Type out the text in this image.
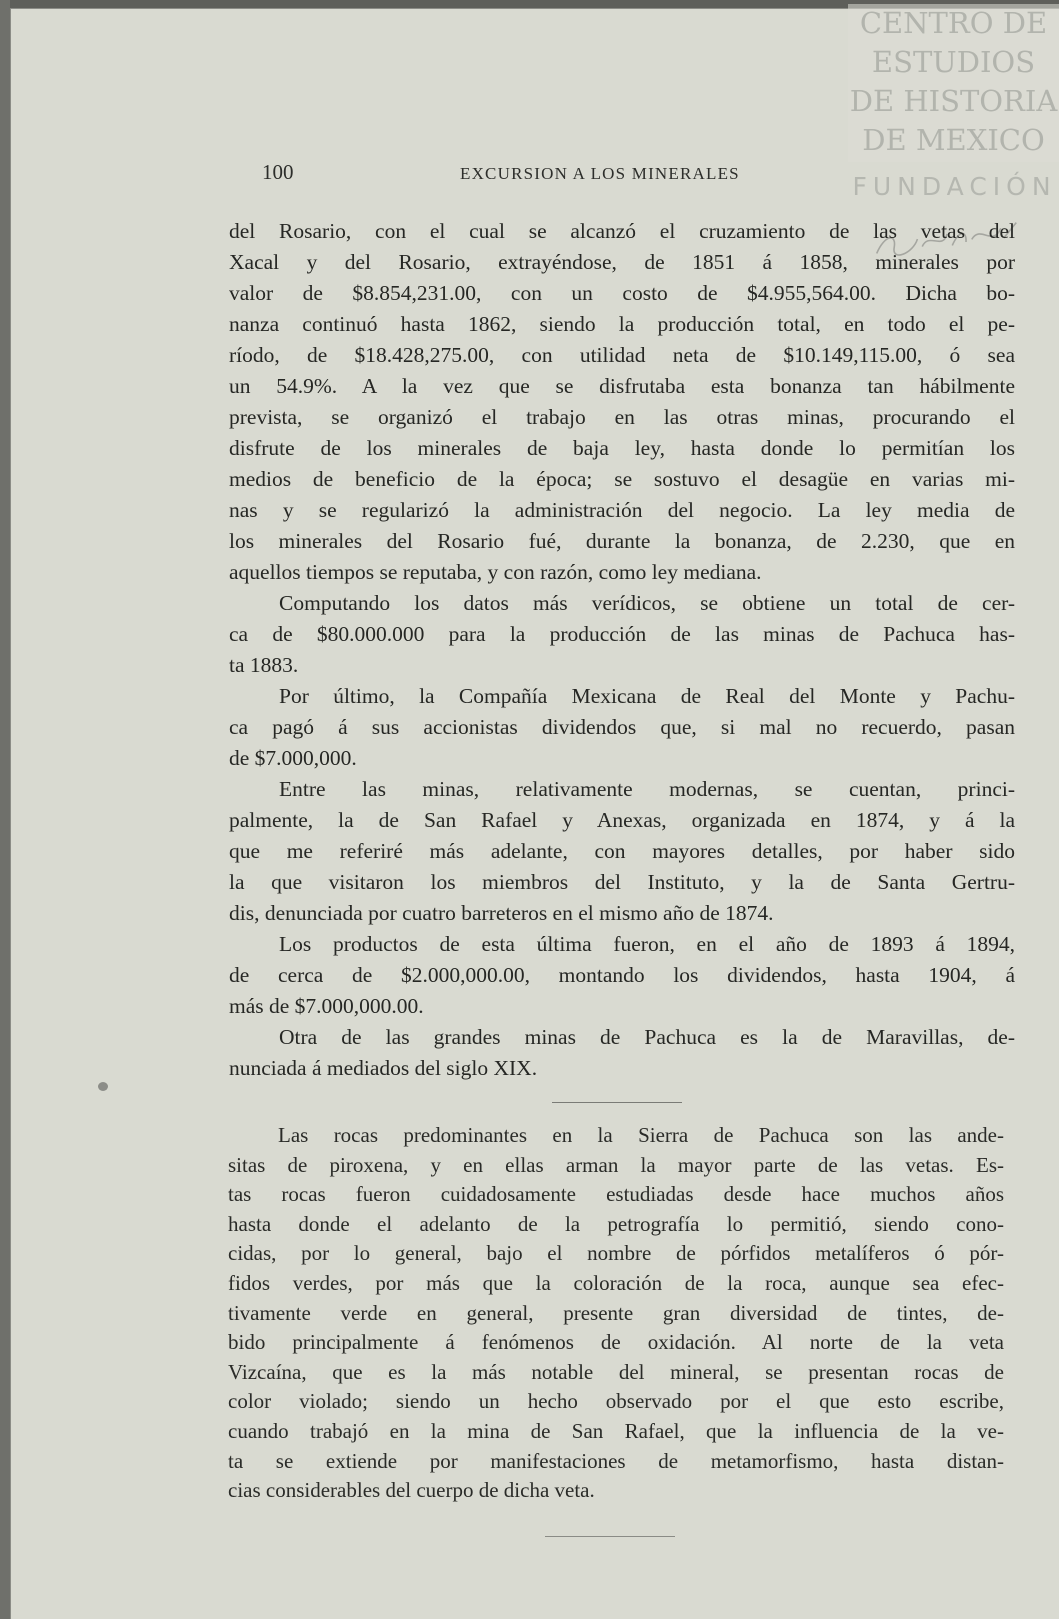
CENTRO DE
ESTUDIOS
DE HISTORIA
DE MEXICO
FUNDACIÓN
100	EXCURSION A LOS MINERALES

del Rosario, con el cual se alcanzó el cruzamiento de las vetas del
Xacal y del Rosario, extrayéndose, de 1851 á 1858, minerales por
valor de $8.854,231.00, con un costo de $4.955,564.00. Dicha bo-
nanza continuó hasta 1862, siendo la producción total, en todo el pe-
ríodo, de $18.428,275.00, con utilidad neta de $10.149,115.00, ó sea
un 54.9%. A la vez que se disfrutaba esta bonanza tan hábilmente
prevista, se organizó el trabajo en las otras minas, procurando el
disfrute de los minerales de baja ley, hasta donde lo permitían los
medios de beneficio de la época; se sostuvo el desagüe en varias mi-
nas y se regularizó la administración del negocio. La ley media de
los minerales del Rosario fué, durante la bonanza, de 2.230, que en
aquellos tiempos se reputaba, y con razón, como ley mediana.

Computando los datos más verídicos, se obtiene un total de cer-
ca de $80.000.000 para la producción de las minas de Pachuca has-
ta 1883.

Por último, la Compañía Mexicana de Real del Monte y Pachu-
ca pagó á sus accionistas dividendos que, si mal no recuerdo, pasan
de $7.000,000.

Entre las minas, relativamente modernas, se cuentan, princi-
palmente, la de San Rafael y Anexas, organizada en 1874, y á la
que me referiré más adelante, con mayores detalles, por haber sido
la que visitaron los miembros del Instituto, y la de Santa Gertru-
dis, denunciada por cuatro barreteros en el mismo año de 1874.

Los productos de esta última fueron, en el año de 1893 á 1894,
de cerca de $2.000,000.00, montando los dividendos, hasta 1904, á
más de $7.000,000.00.

Otra de las grandes minas de Pachuca es la de Maravillas, de-
nunciada á mediados del siglo XIX.

Las rocas predominantes en la Sierra de Pachuca son las ande-
sitas de piroxena, y en ellas arman la mayor parte de las vetas. Es-
tas rocas fueron cuidadosamente estudiadas desde hace muchos años
hasta donde el adelanto de la petrografía lo permitió, siendo cono-
cidas, por lo general, bajo el nombre de pórfidos metalíferos ó pór-
fidos verdes, por más que la coloración de la roca, aunque sea efec-
tivamente verde en general, presente gran diversidad de tintes, de-
bido principalmente á fenómenos de oxidación. Al norte de la veta
Vizcaína, que es la más notable del mineral, se presentan rocas de
color violado; siendo un hecho observado por el que esto escribe,
cuando trabajó en la mina de San Rafael, que la influencia de la ve-
ta se extiende por manifestaciones de metamorfismo, hasta distan-
cias considerables del cuerpo de dicha veta.
